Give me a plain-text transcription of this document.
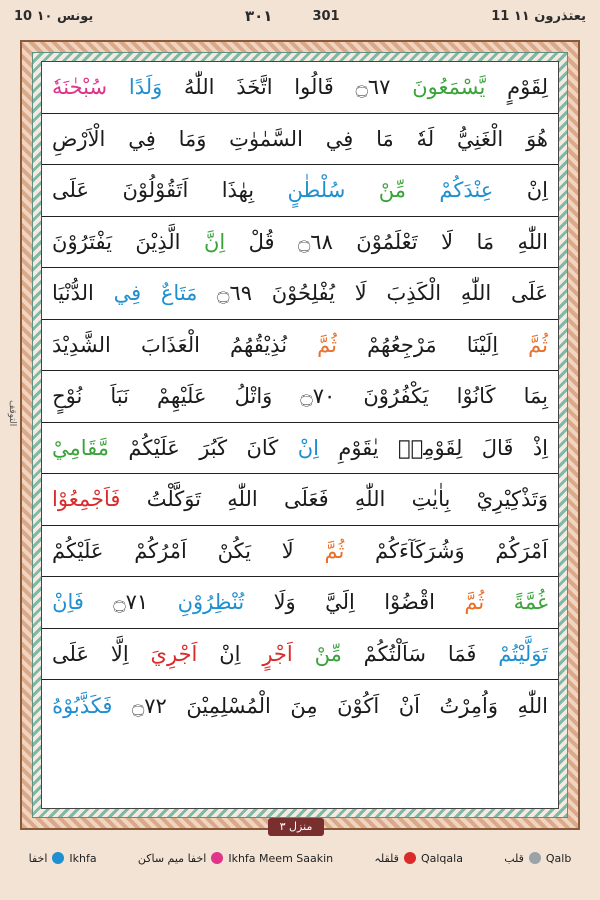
10 يونس ١٠	٣٠١	301	11 يعتذرون ١١
التوقف
لِقَوْمٍ
يَّسْمَعُونَ
۝٦٧
قَالُوا
اتَّخَذَ
اللّٰهُ
وَلَدًا
سُبْحٰنَهٗ
هُوَ
الْغَنِيُّ
لَهٗ
مَا
فِي
السَّمٰوٰتِ
وَمَا
فِي
الْاَرْضِ
اِنْ
عِنْدَكُمْ
مِّنْ
سُلْطٰنٍ
بِهٰذَا
اَتَقُوْلُوْنَ
عَلَى
اللّٰهِ
مَا
لَا
تَعْلَمُوْنَ
۝٦٨
قُلْ
اِنَّ
الَّذِيْنَ
يَفْتَرُوْنَ
عَلَى
اللّٰهِ
الْكَذِبَ
لَا
يُفْلِحُوْنَ
۝٦٩
مَتَاعٌ
فِي
الدُّنْيَا
ثُمَّ
اِلَيْنَا
مَرْجِعُهُمْ
ثُمَّ
نُذِيْقُهُمُ
الْعَذَابَ
الشَّدِيْدَ
بِمَا
كَانُوْا
يَكْفُرُوْنَ
۝٧٠
وَاتْلُ
عَلَيْهِمْ
نَبَاَ
نُوْحٍ
اِذْ
قَالَ
لِقَوْمِهٖ
يٰقَوْمِ
اِنْ
كَانَ
كَبُرَ
عَلَيْكُمْ
مَّقَامِيْ
وَتَذْكِيْرِيْ
بِاٰيٰتِ
اللّٰهِ
فَعَلَى
اللّٰهِ
تَوَكَّلْتُ
فَاَجْمِعُوْا
اَمْرَكُمْ
وَشُرَكَآءَكُمْ
ثُمَّ
لَا
يَكُنْ
اَمْرُكُمْ
عَلَيْكُمْ
غُمَّةً
ثُمَّ
اقْضُوْا
اِلَيَّ
وَلَا
تُنْظِرُوْنِ
۝٧١
فَاِنْ
تَوَلَّيْتُمْ
فَمَا
سَاَلْتُكُمْ
مِّنْ
اَجْرٍ
اِنْ
اَجْرِيَ
اِلَّا
عَلَى
اللّٰهِ
وَاُمِرْتُ
اَنْ
اَكُوْنَ
مِنَ
الْمُسْلِمِيْنَ
۝٧٢
فَكَذَّبُوْهُ
منزل ٣
اخفا Ikhfa	اخفا میم ساکن Ikhfa Meem Saakin	قلقلہ Qalqala	قلب Qalb
